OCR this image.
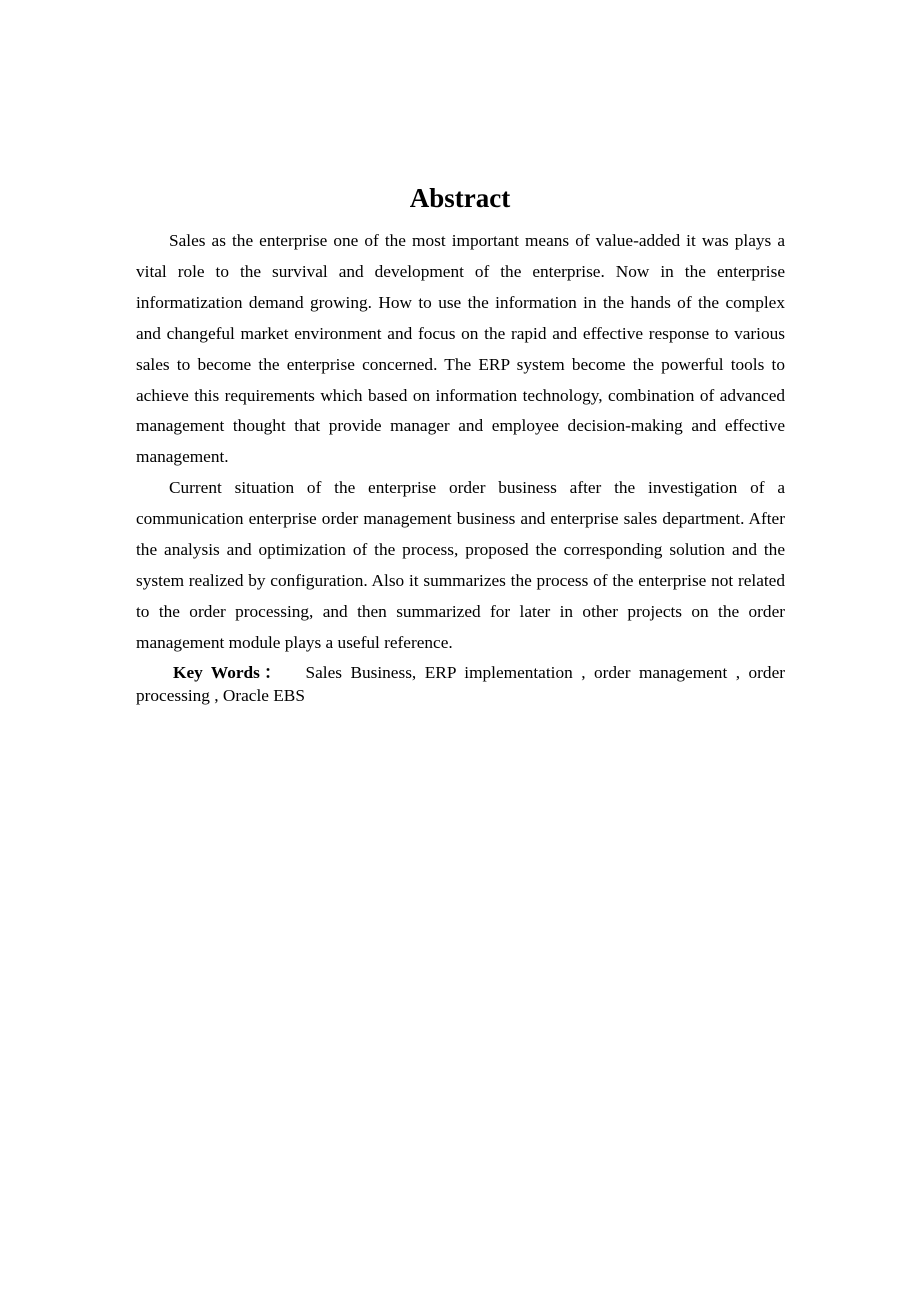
Abstract

Sales as the enterprise one of the most important means of value-added it was plays a vital role to the survival and development of the enterprise. Now in the enterprise informatization demand growing. How to use the information in the hands of the complex and changeful market environment and focus on the rapid and effective response to various sales to become the enterprise concerned. The ERP system become the powerful tools to achieve this requirements which based on information technology, combination of advanced management thought that provide manager and employee decision-making and effective management.

Current situation of the enterprise order business after the investigation of a communication enterprise order management business and enterprise sales department. After the analysis and optimization of the process, proposed the corresponding solution and the system realized by configuration. Also it summarizes the process of the enterprise not related to the order processing, and then summarized for later in other projects on the order management module plays a useful reference.

Key Words： Sales Business, ERP implementation , order management , order processing , Oracle EBS
